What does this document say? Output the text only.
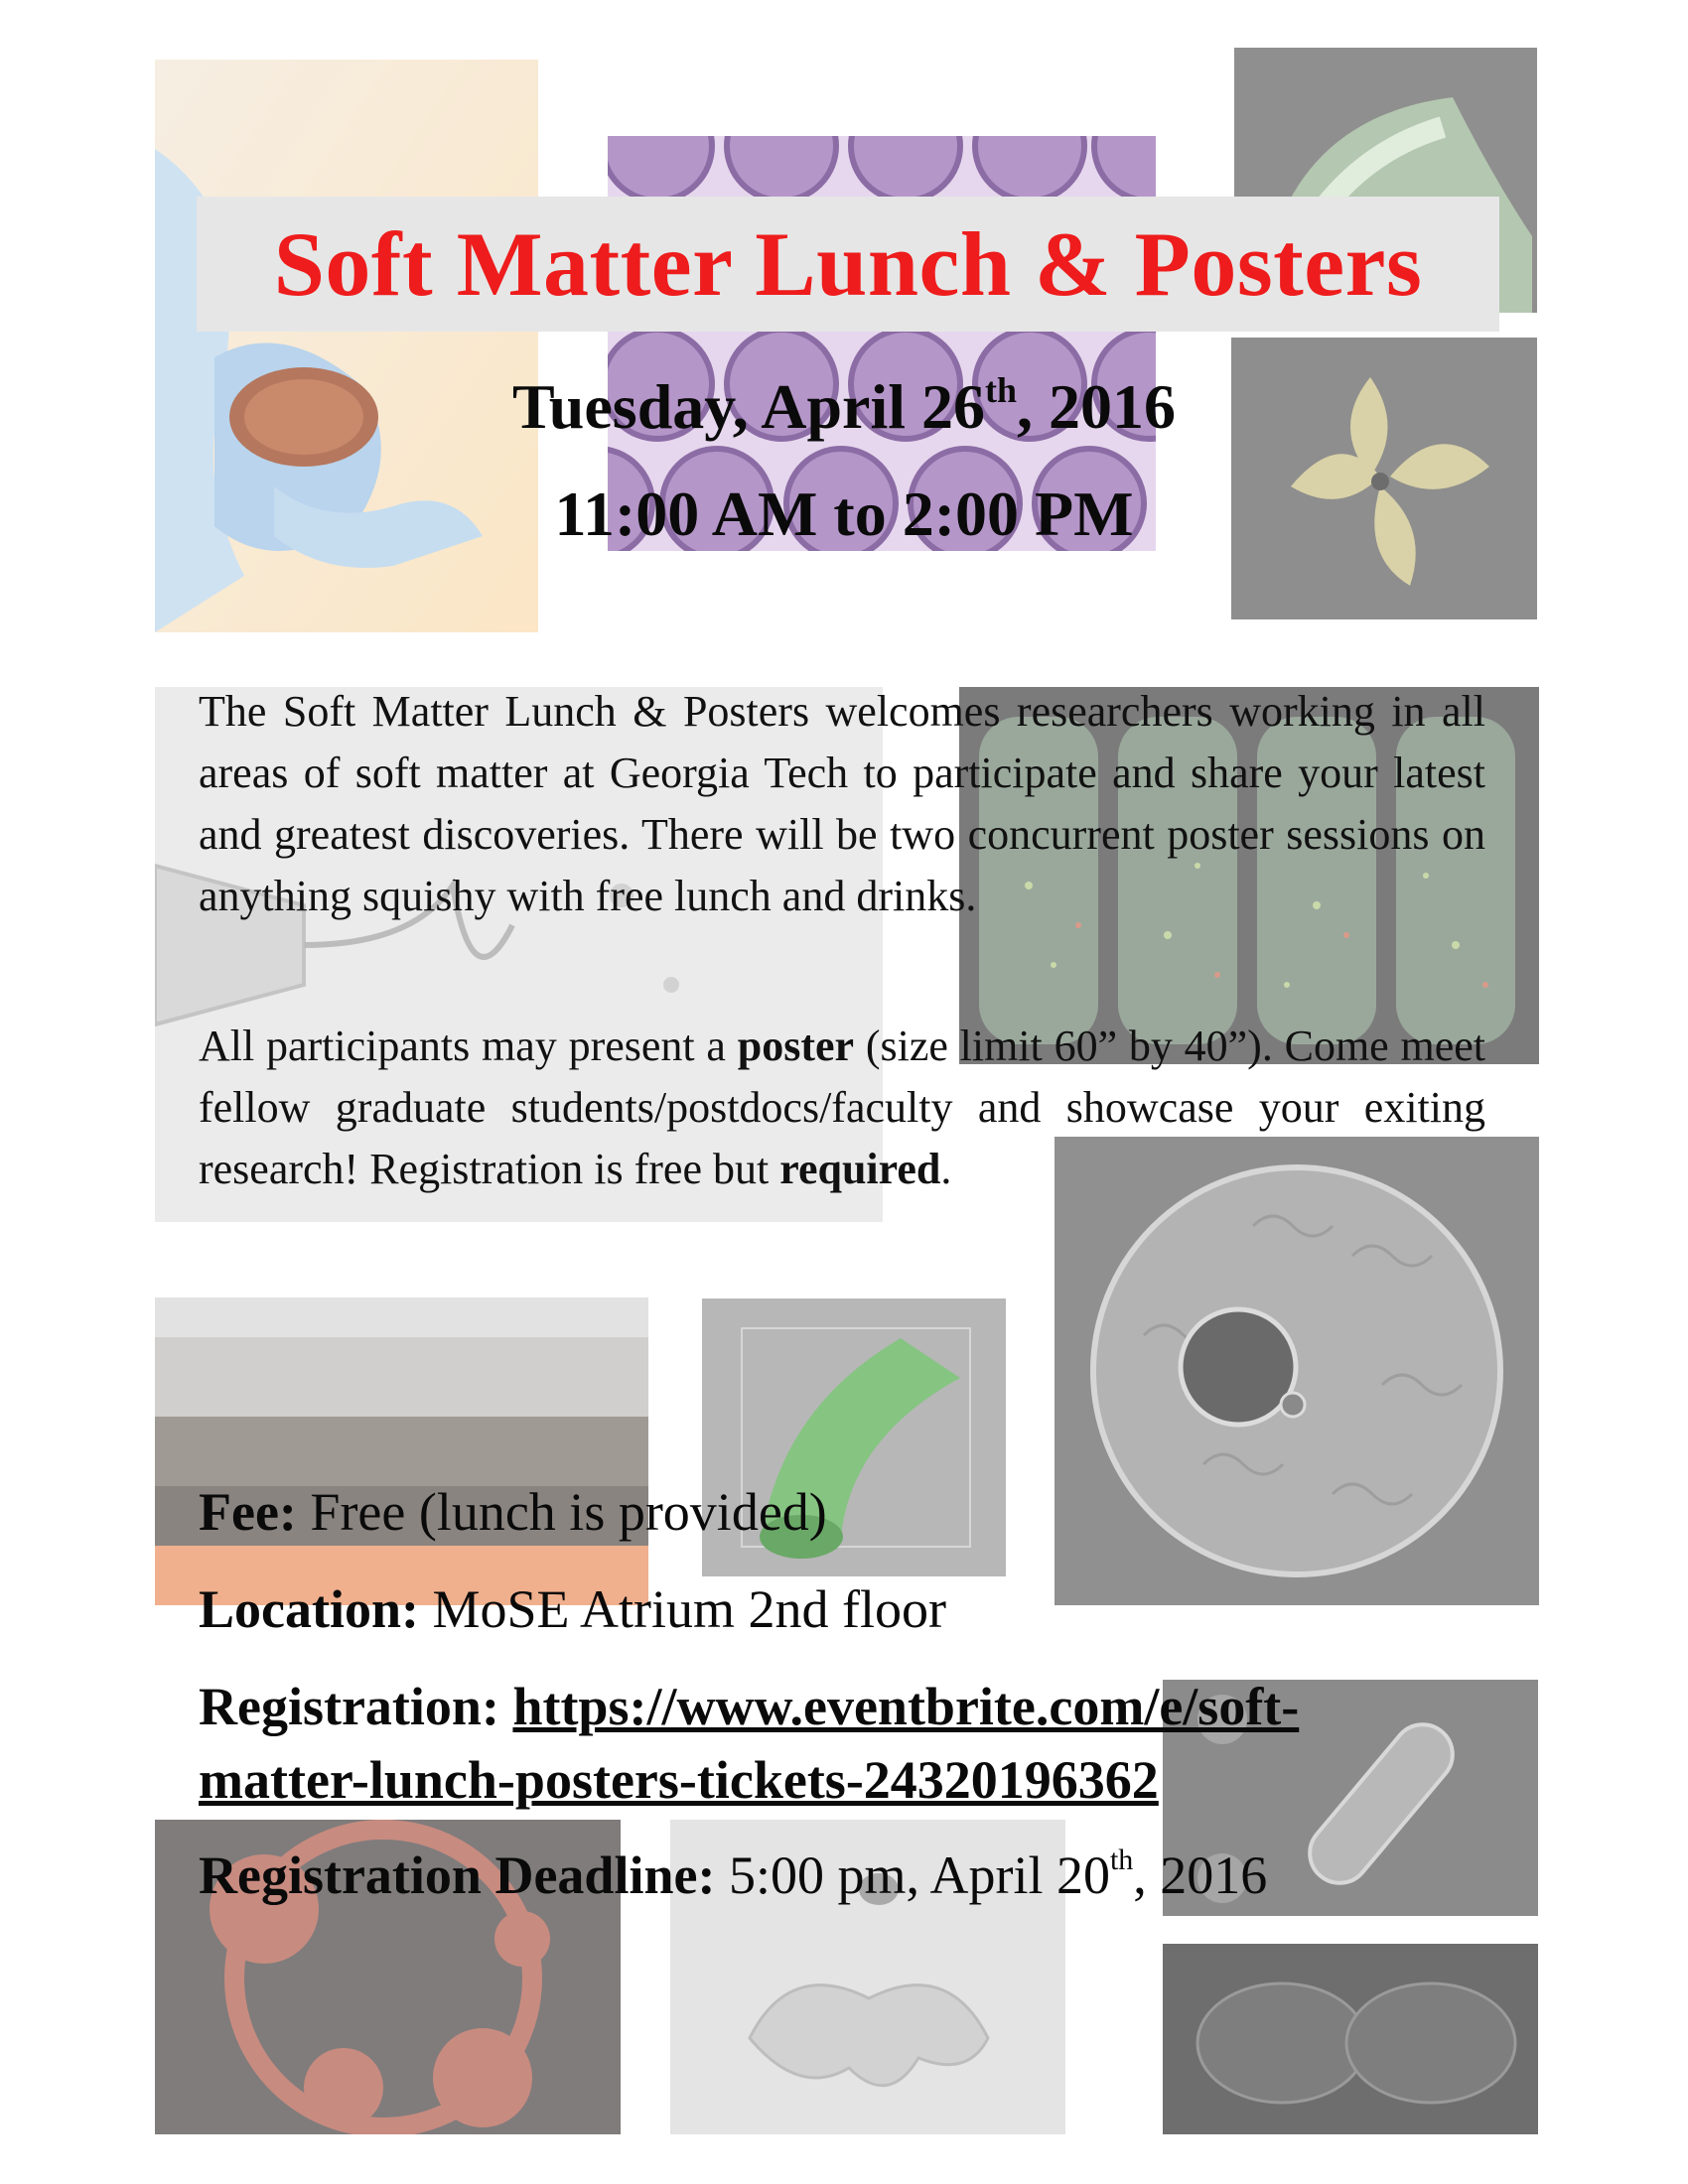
Soft Matter Lunch & Posters
Tuesday, April 26th, 2016
11:00 AM to 2:00 PM

The Soft Matter Lunch & Posters welcomes researchers working in all areas of soft matter at Georgia Tech to participate and share your latest and greatest discoveries. There will be two concurrent poster sessions on anything squishy with free lunch and drinks.

All participants may present a poster (size limit 60” by 40”). Come meet fellow graduate students/postdocs/faculty and showcase your exiting research! Registration is free but required.

Fee: Free (lunch is provided)

Location: MoSE Atrium 2nd floor

Registration: https://www.eventbrite.com/e/soft-

matter-lunch-posters-tickets-24320196362

Registration Deadline: 5:00 pm, April 20th, 2016
